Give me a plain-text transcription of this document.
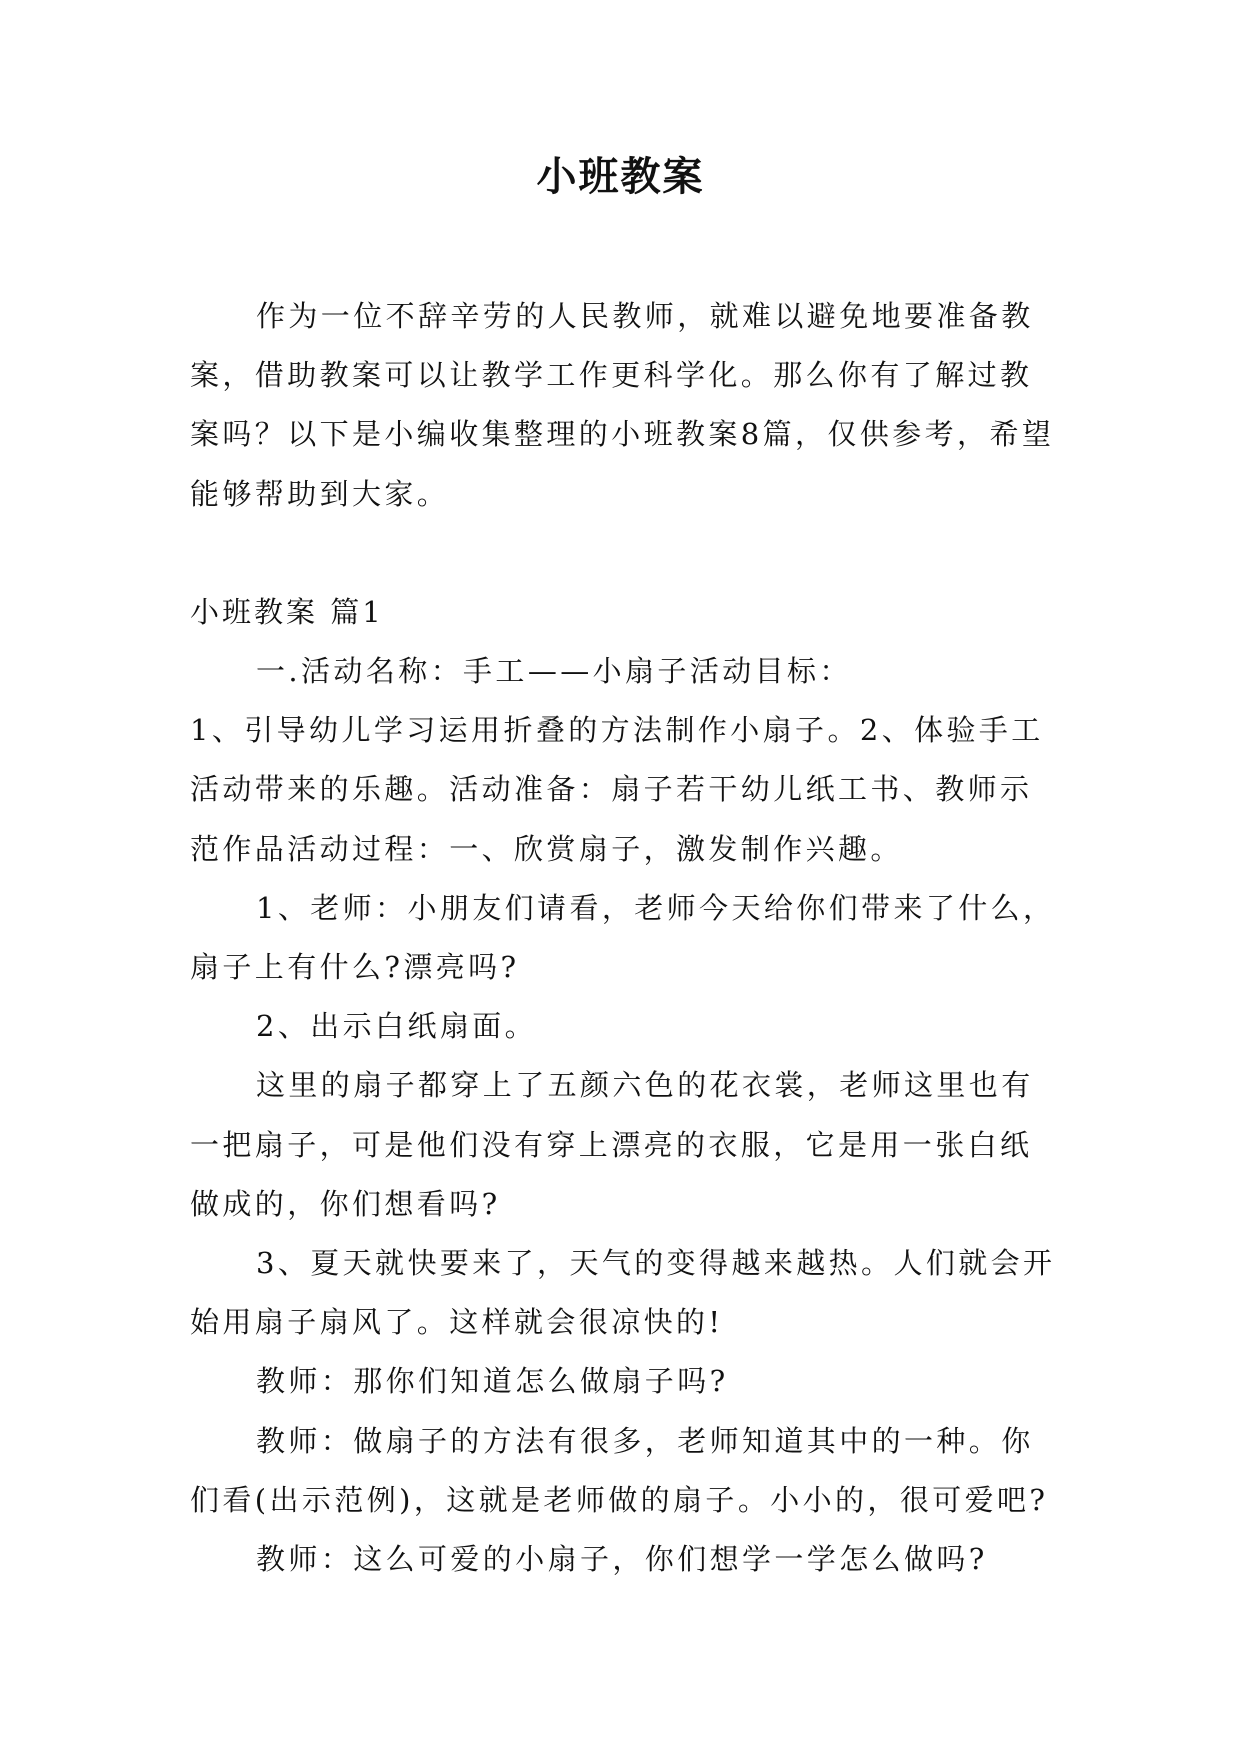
小班教案

作为一位不辞辛劳的人民教师，就难以避免地要准备教案，借助教案可以让教学工作更科学化。那么你有了解过教案吗？以下是小编收集整理的小班教案8篇，仅供参考，希望能够帮助到大家。

小班教案 篇1

一.活动名称：手工——小扇子活动目标：

1、引导幼儿学习运用折叠的方法制作小扇子。2、体验手工活动带来的乐趣。活动准备：扇子若干幼儿纸工书、教师示范作品活动过程：一、欣赏扇子，激发制作兴趣。

1、老师：小朋友们请看，老师今天给你们带来了什么，扇子上有什么?漂亮吗?

2、出示白纸扇面。

这里的扇子都穿上了五颜六色的花衣裳，老师这里也有一把扇子，可是他们没有穿上漂亮的衣服，它是用一张白纸做成的，你们想看吗?

3、夏天就快要来了，天气的变得越来越热。人们就会开始用扇子扇风了。这样就会很凉快的!

教师：那你们知道怎么做扇子吗?

教师：做扇子的方法有很多，老师知道其中的一种。你们看(出示范例)，这就是老师做的扇子。小小的，很可爱吧?

教师：这么可爱的小扇子，你们想学一学怎么做吗?
